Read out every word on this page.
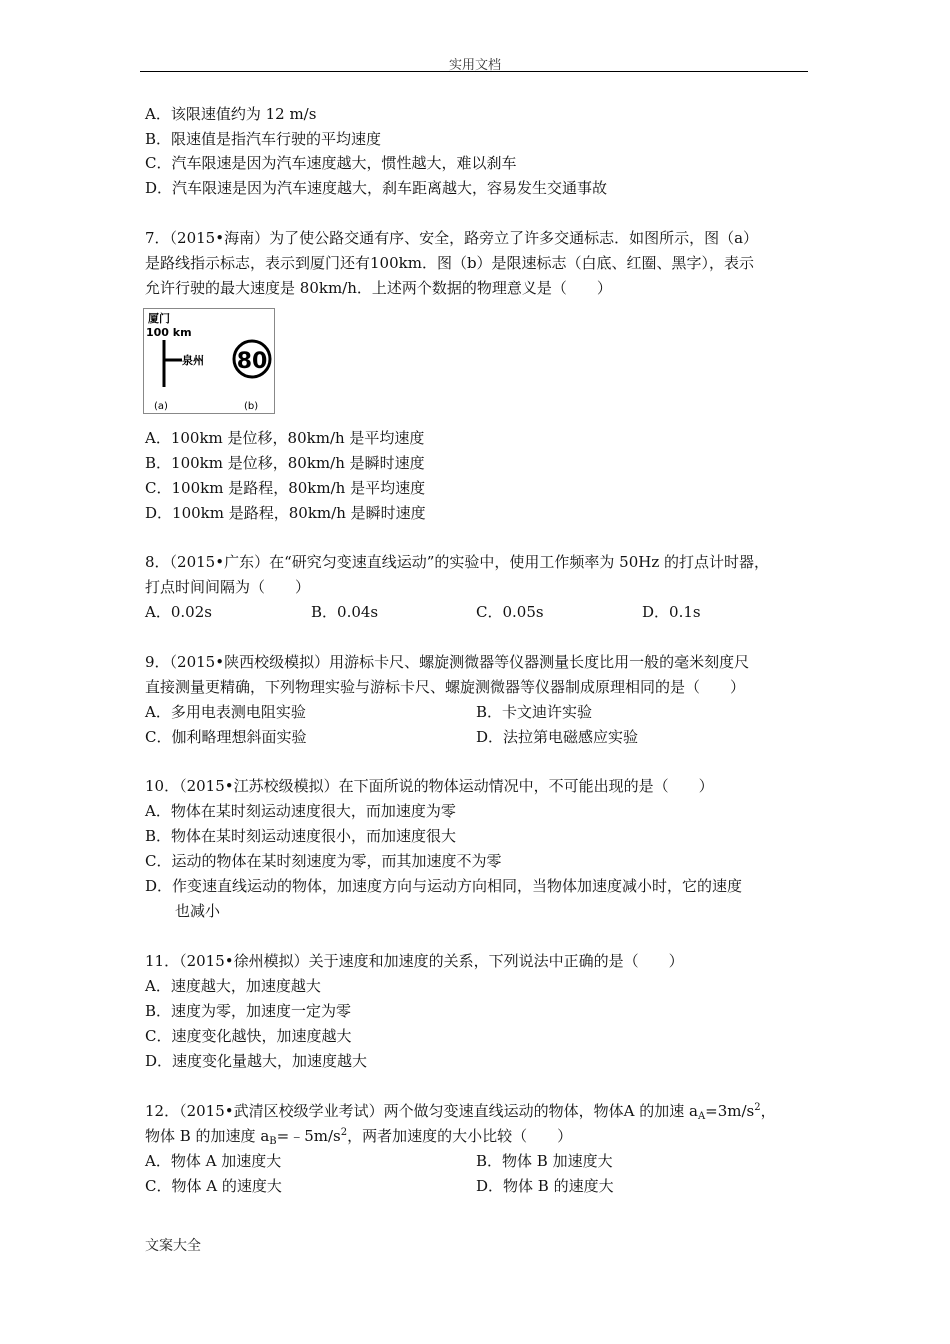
实用文档
A．该限速值约为 12 m/s
B．限速值是指汽车行驶的平均速度
C．汽车限速是因为汽车速度越大，惯性越大，难以刹车
D．汽车限速是因为汽车速度越大，刹车距离越大，容易发生交通事故
7．（2015•海南）为了使公路交通有序、安全，路旁立了许多交通标志．如图所示，图（a）
是路线指示标志，表示到厦门还有100km．图（b）是限速标志（白底、红圈、黑字），表示
允许行驶的最大速度是 80km/h．上述两个数据的物理意义是（　　）
厦门
100 km
泉州 80
(a)	(b)
A．100km 是位移，80km/h 是平均速度
B．100km 是位移，80km/h 是瞬时速度
C．100km 是路程，80km/h 是平均速度
D．100km 是路程，80km/h 是瞬时速度
8．（2015•广东）在“研究匀变速直线运动”的实验中，使用工作频率为 50Hz 的打点计时器，
打点时间间隔为（　　）
A．0.02s	B．0.04s	C．0.05s	D．0.1s
9．（2015•陕西校级模拟）用游标卡尺、螺旋测微器等仪器测量长度比用一般的毫米刻度尺
直接测量更精确，下列物理实验与游标卡尺、螺旋测微器等仪器制成原理相同的是（　　）
A．多用电表测电阻实验	B．卡文迪许实验
C．伽利略理想斜面实验	D．法拉第电磁感应实验
10．（2015•江苏校级模拟）在下面所说的物体运动情况中，不可能出现的是（　　）
A．物体在某时刻运动速度很大，而加速度为零
B．物体在某时刻运动速度很小，而加速度很大
C．运动的物体在某时刻速度为零，而其加速度不为零
D．作变速直线运动的物体，加速度方向与运动方向相同，当物体加速度减小时，它的速度
也减小
11．（2015•徐州模拟）关于速度和加速度的关系，下列说法中正确的是（　　）
A．速度越大，加速度越大
B．速度为零，加速度一定为零
C．速度变化越快，加速度越大
D．速度变化量越大，加速度越大
12．（2015•武清区校级学业考试）两个做匀变速直线运动的物体，物体A 的加速 $a_A=3m/s^2$，
物体 B 的加速度 $a_B=﹣5m/s^2$，两者加速度的大小比较（　　）
A．物体 A 加速度大	B．物体 B 加速度大
C．物体 A 的速度大	D．物体 B 的速度大
文案大全
